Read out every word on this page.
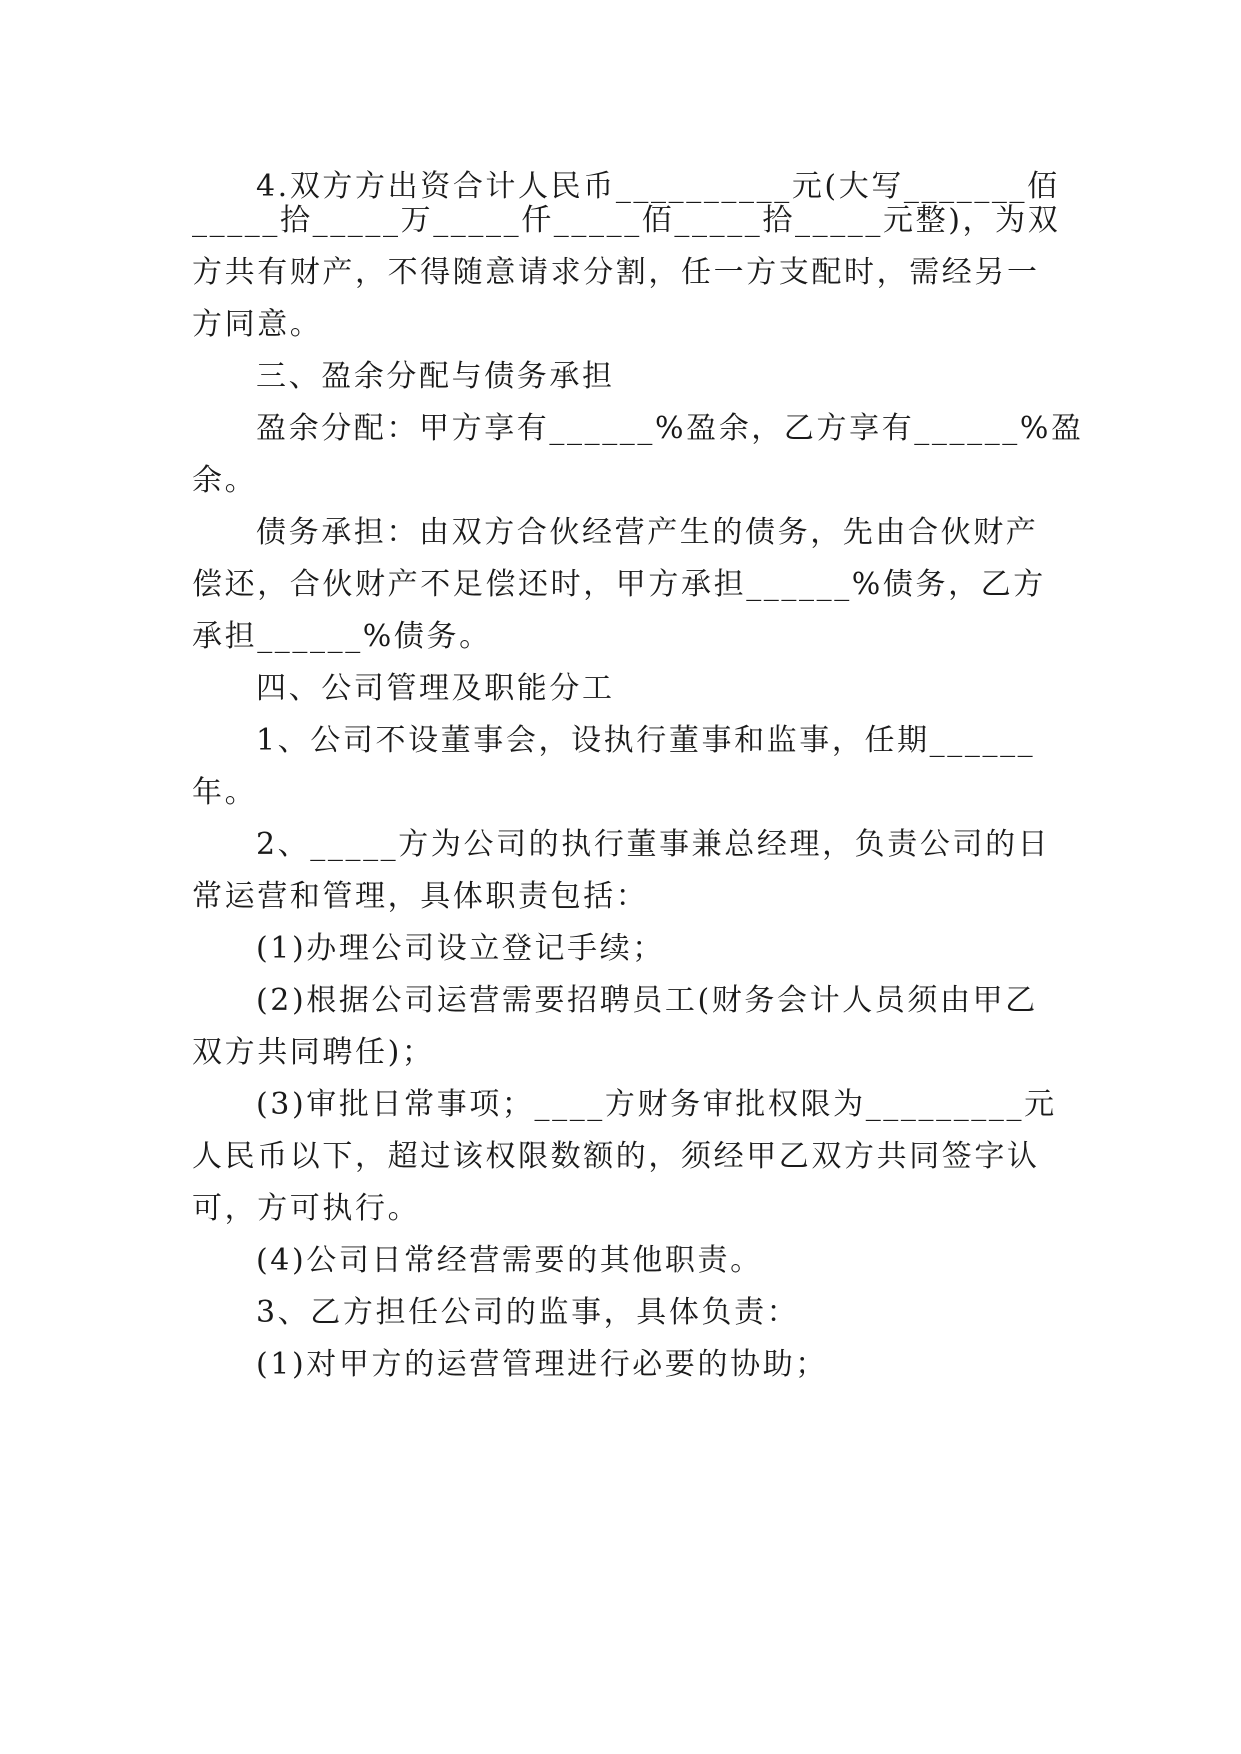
4.双方方出资合计人民币__________元(大写_______佰
_____拾_____万_____仟_____佰_____拾_____元整)，为双
方共有财产，不得随意请求分割，任一方支配时，需经另一
方同意。
三、盈余分配与债务承担
盈余分配：甲方享有______%盈余，乙方享有______%盈
余。
债务承担：由双方合伙经营产生的债务，先由合伙财产
偿还，合伙财产不足偿还时，甲方承担______%债务，乙方
承担______%债务。
四、公司管理及职能分工
1、公司不设董事会，设执行董事和监事，任期______
年。
2、_____方为公司的执行董事兼总经理，负责公司的日
常运营和管理，具体职责包括：
(1)办理公司设立登记手续；
(2)根据公司运营需要招聘员工(财务会计人员须由甲乙
双方共同聘任)；
(3)审批日常事项；____方财务审批权限为_________元
人民币以下，超过该权限数额的，须经甲乙双方共同签字认
可，方可执行。
(4)公司日常经营需要的其他职责。
3、乙方担任公司的监事，具体负责：
(1)对甲方的运营管理进行必要的协助；
